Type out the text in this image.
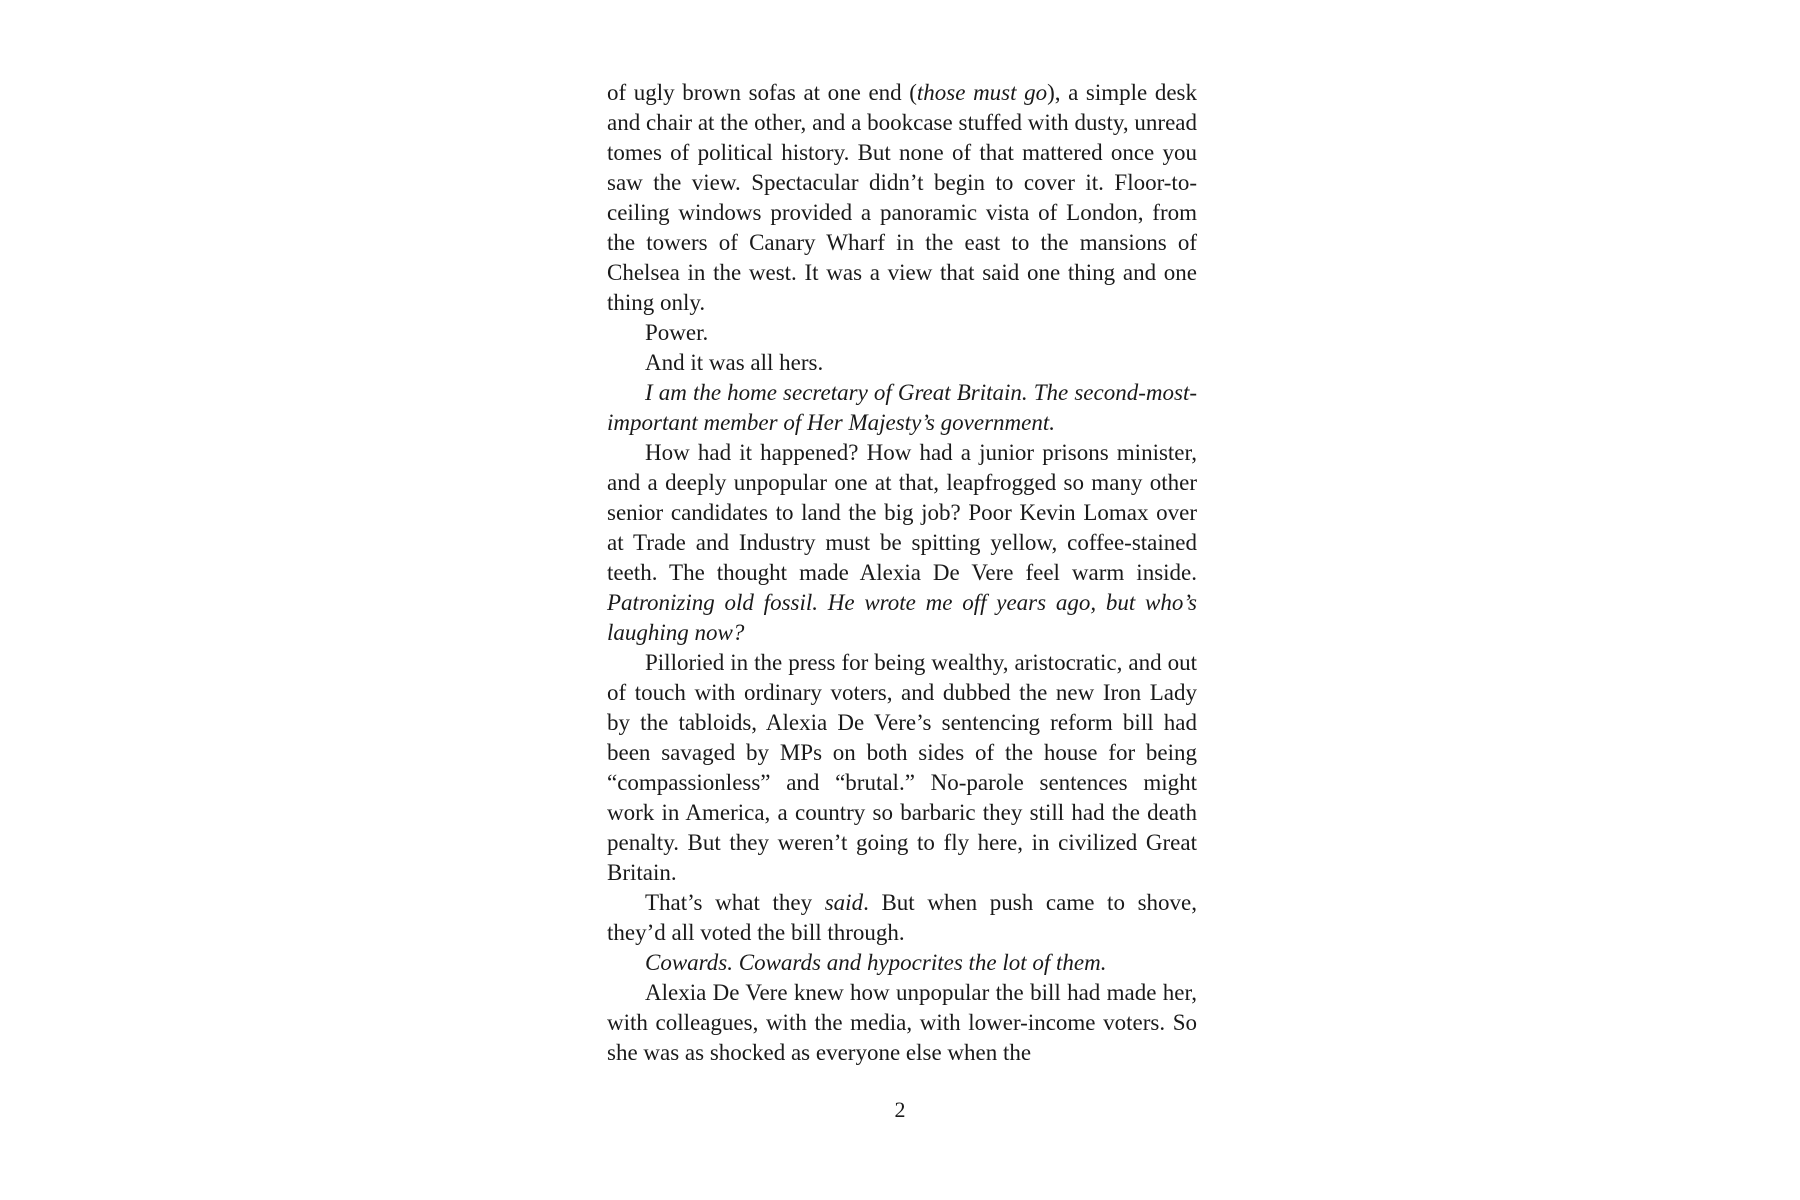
of ugly brown sofas at one end (those must go), a simple desk and chair at the other, and a bookcase stuffed with dusty, unread tomes of political history. But none of that mattered once you saw the view. Spectacular didn’t begin to cover it. Floor-to-ceiling windows provided a panoramic vista of London, from the towers of Canary Wharf in the east to the mansions of Chelsea in the west. It was a view that said one thing and one thing only.

Power.

And it was all hers.

I am the home secretary of Great Britain. The second-most-important member of Her Majesty’s government.

How had it happened? How had a junior prisons minister, and a deeply unpopular one at that, leapfrogged so many other senior candidates to land the big job? Poor Kevin Lomax over at Trade and Industry must be spitting yellow, coffee-stained teeth. The thought made Alexia De Vere feel warm inside. Patronizing old fossil. He wrote me off years ago, but who’s laughing now?

Pilloried in the press for being wealthy, aristocratic, and out of touch with ordinary voters, and dubbed the new Iron Lady by the tabloids, Alexia De Vere’s sentencing reform bill had been savaged by MPs on both sides of the house for being “compassionless” and “brutal.” No-parole sentences might work in America, a country so barbaric they still had the death penalty. But they weren’t going to fly here, in civilized Great Britain.

That’s what they said. But when push came to shove, they’d all voted the bill through.

Cowards. Cowards and hypocrites the lot of them.

Alexia De Vere knew how unpopular the bill had made her, with colleagues, with the media, with lower-income voters. So she was as shocked as everyone else when the

2
